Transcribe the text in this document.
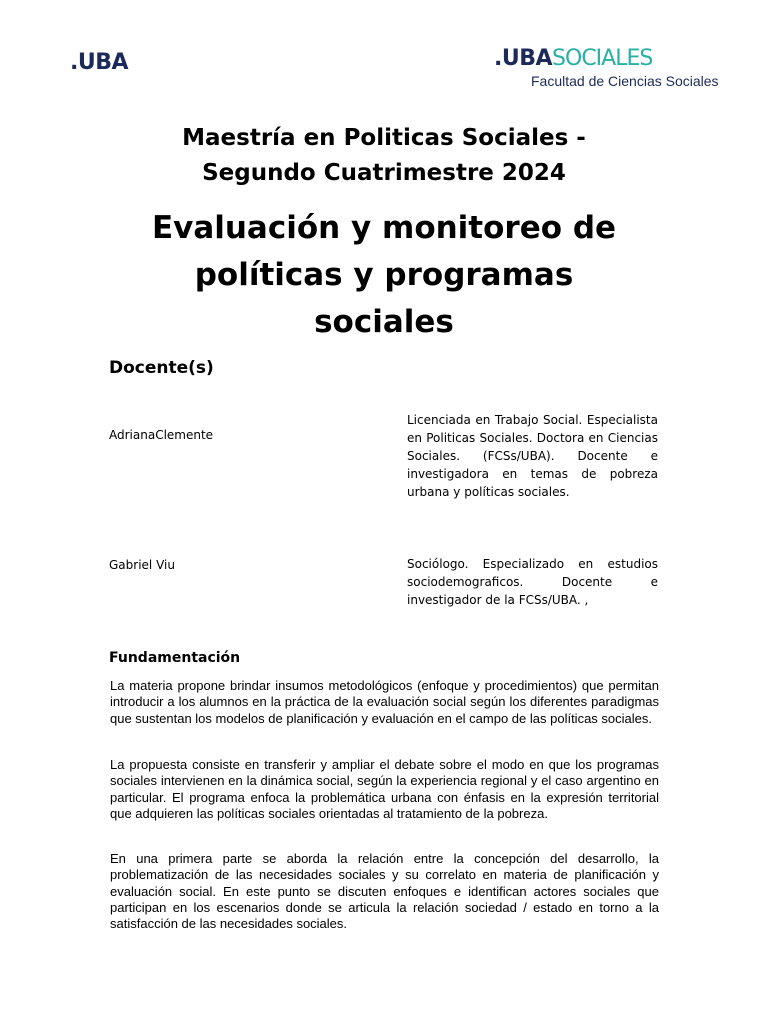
.UBA	.UBASOCIALES
Facultad de Ciencias Sociales
Maestría en Politicas Sociales -
Segundo Cuatrimestre 2024
Evaluación y monitoreo de
políticas y programas
sociales
Docente(s)
AdrianaClemente
Licenciada en Trabajo Social. Especialista en Politicas Sociales. Doctora en Ciencias Sociales. (FCSs/UBA). Docente e investigadora en temas de pobreza urbana y políticas sociales.
Gabriel Viu	Sociólogo. Especializado en estudios sociodemograficos. Docente e investigador de la FCSs/UBA. ,
Fundamentación

La materia propone brindar insumos metodológicos (enfoque y procedimientos) que permitan introducir a los alumnos en la práctica de la evaluación social según los diferentes paradigmas que sustentan los modelos de planificación y evaluación en el campo de las políticas sociales.

La propuesta consiste en transferir y ampliar el debate sobre el modo en que los programas sociales intervienen en la dinámica social, según la experiencia regional y el caso argentino en particular. El programa enfoca la problemática urbana con énfasis en la expresión territorial que adquieren las políticas sociales orientadas al tratamiento de la pobreza.

En una primera parte se aborda la relación entre la concepción del desarrollo, la problematización de las necesidades sociales y su correlato en materia de planificación y evaluación social. En este punto se discuten enfoques e identifican actores sociales que participan en los escenarios donde se articula la relación sociedad / estado en torno a la satisfacción de las necesidades sociales.
